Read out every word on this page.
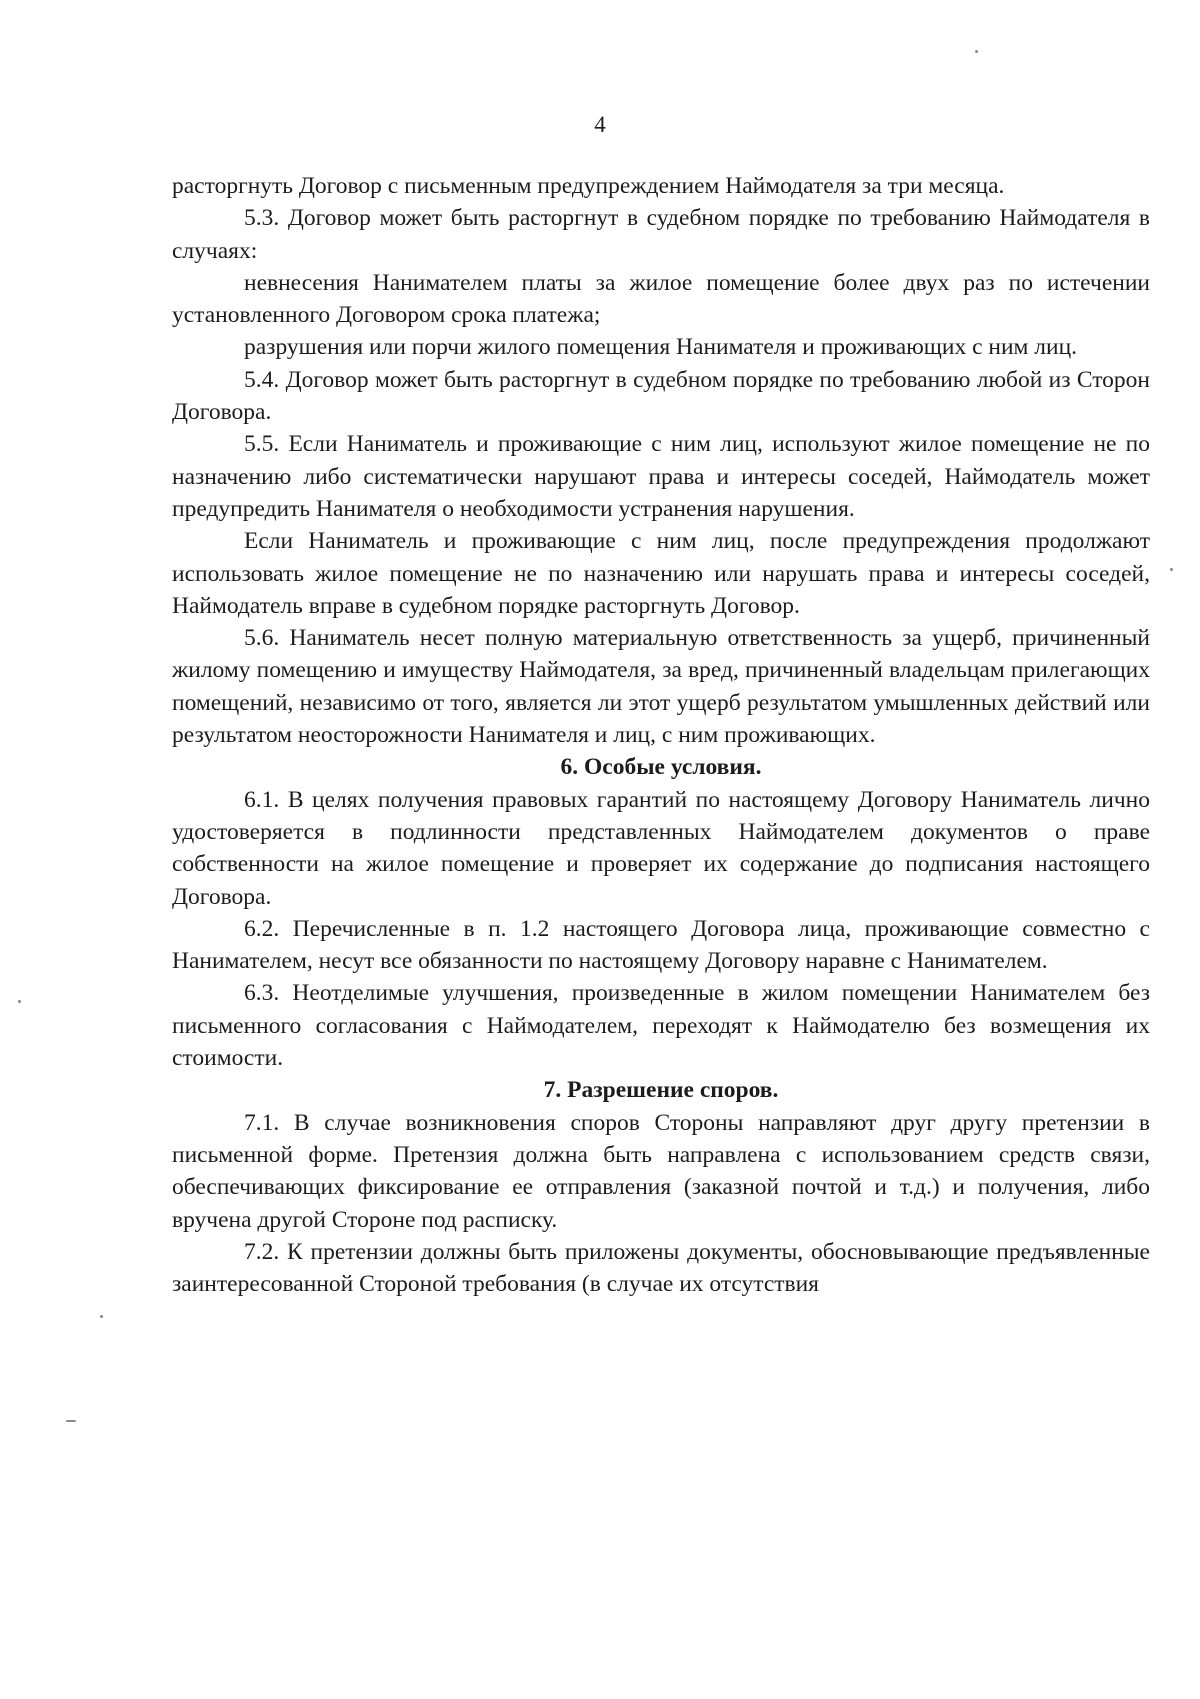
4

расторгнуть Договор с письменным предупреждением Наймодателя за три месяца.

5.3. Договор может быть расторгнут в судебном порядке по требованию Наймодателя в случаях:

невнесения Нанимателем платы за жилое помещение более двух раз по истечении установленного Договором срока платежа;

разрушения или порчи жилого помещения Нанимателя и проживающих с ним лиц.

5.4. Договор может быть расторгнут в судебном порядке по требованию любой из Сторон Договора.

5.5. Если Наниматель и проживающие с ним лиц, используют жилое помещение не по назначению либо систематически нарушают права и интересы соседей, Наймодатель может предупредить Нанимателя о необходимости устранения нарушения.

Если Наниматель и проживающие с ним лиц, после предупреждения продолжают использовать жилое помещение не по назначению или нарушать права и интересы соседей, Наймодатель вправе в судебном порядке расторгнуть Договор.

5.6. Наниматель несет полную материальную ответственность за ущерб, причиненный жилому помещению и имуществу Наймодателя, за вред, причиненный владельцам прилегающих помещений, независимо от того, является ли этот ущерб результатом умышленных действий или результатом неосторожности Нанимателя и лиц, с ним проживающих.

6. Особые условия.

6.1. В целях получения правовых гарантий по настоящему Договору Наниматель лично удостоверяется в подлинности представленных Наймодателем документов о праве собственности на жилое помещение и проверяет их содержание до подписания настоящего Договора.

6.2. Перечисленные в п. 1.2 настоящего Договора лица, проживающие совместно с Нанимателем, несут все обязанности по настоящему Договору наравне с Нанимателем.

6.3. Неотделимые улучшения, произведенные в жилом помещении Нанимателем без письменного согласования с Наймодателем, переходят к Наймодателю без возмещения их стоимости.

7. Разрешение споров.

7.1. В случае возникновения споров Стороны направляют друг другу претензии в письменной форме. Претензия должна быть направлена с использованием средств связи, обеспечивающих фиксирование ее отправления (заказной почтой и т.д.) и получения, либо вручена другой Стороне под расписку.

7.2. К претензии должны быть приложены документы, обосновывающие предъявленные заинтересованной Стороной требования (в случае их отсутствия
